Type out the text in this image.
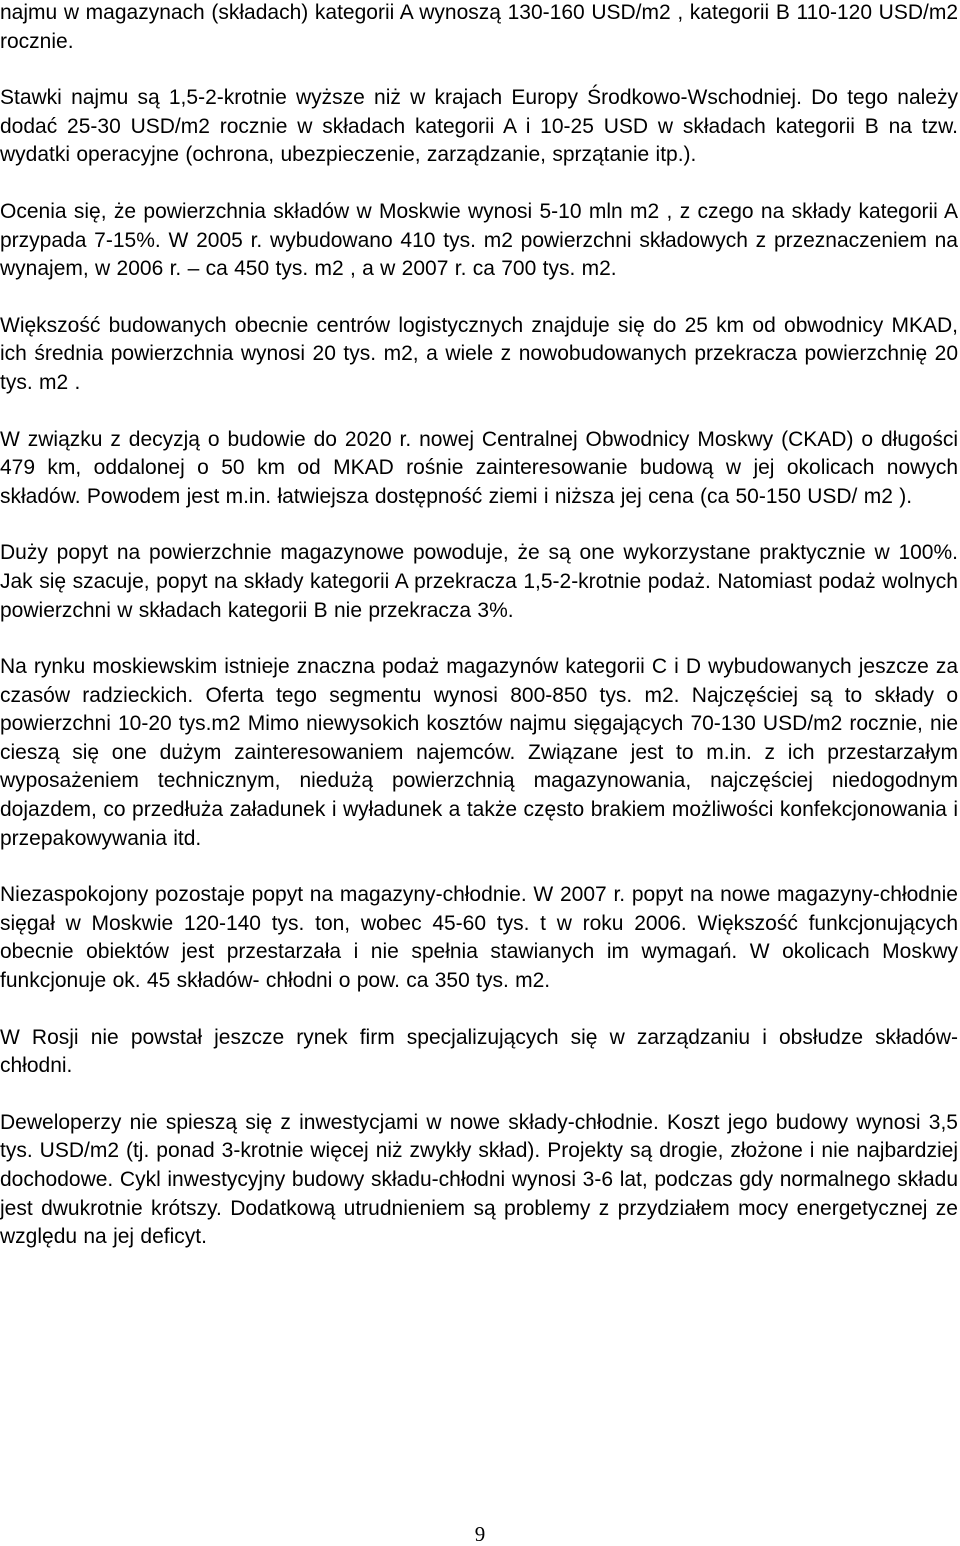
najmu w magazynach (składach) kategorii A wynoszą 130-160 USD/m2 , kategorii B 110-120 USD/m2 rocznie.

Stawki najmu są 1,5-2-krotnie wyższe niż w krajach Europy Środkowo-Wschodniej. Do tego należy dodać 25-30 USD/m2 rocznie w składach kategorii A i 10-25 USD w składach kategorii B na tzw. wydatki operacyjne (ochrona, ubezpieczenie, zarządzanie, sprzątanie itp.).

Ocenia się, że powierzchnia składów w Moskwie wynosi 5-10 mln m2 , z czego na składy kategorii A przypada 7-15%. W 2005 r. wybudowano 410 tys. m2 powierzchni składowych z przeznaczeniem na wynajem, w 2006 r. – ca 450 tys. m2 , a w 2007 r. ca 700 tys. m2.

Większość budowanych obecnie centrów logistycznych znajduje się do 25 km od obwodnicy MKAD, ich średnia powierzchnia wynosi 20 tys. m2, a wiele z nowobudowanych przekracza powierzchnię 20 tys. m2 .

W związku z decyzją o budowie do 2020 r. nowej Centralnej Obwodnicy Moskwy (CKAD) o długości 479 km, oddalonej o 50 km od MKAD rośnie zainteresowanie budową w jej okolicach nowych składów. Powodem jest m.in. łatwiejsza dostępność ziemi i niższa jej cena (ca 50-150 USD/ m2 ).

Duży popyt na powierzchnie magazynowe powoduje, że są one wykorzystane praktycznie w 100%. Jak się szacuje, popyt na składy kategorii A przekracza 1,5-2-krotnie podaż. Natomiast podaż wolnych powierzchni w składach kategorii B nie przekracza 3%.

Na rynku moskiewskim istnieje znaczna podaż magazynów kategorii C i D wybudowanych jeszcze za czasów radzieckich. Oferta tego segmentu wynosi 800-850 tys. m2. Najczęściej są to składy o powierzchni 10-20 tys.m2 Mimo niewysokich kosztów najmu sięgających 70-130 USD/m2 rocznie, nie cieszą się one dużym zainteresowaniem najemców. Związane jest to m.in. z ich przestarzałym wyposażeniem technicznym, niedużą powierzchnią magazynowania, najczęściej niedogodnym dojazdem, co przedłuża załadunek i wyładunek a także często brakiem możliwości konfekcjonowania i przepakowywania itd.

Niezaspokojony pozostaje popyt na magazyny-chłodnie. W 2007 r. popyt na nowe magazyny-chłodnie sięgał w Moskwie 120-140 tys. ton, wobec 45-60 tys. t w roku 2006. Większość funkcjonujących obecnie obiektów jest przestarzała i nie spełnia stawianych im wymagań. W okolicach Moskwy funkcjonuje ok. 45 składów- chłodni o pow. ca 350 tys. m2.

W Rosji nie powstał jeszcze rynek firm specjalizujących się w zarządzaniu i obsłudze składów- chłodni.

Deweloperzy nie spieszą się z inwestycjami w nowe składy-chłodnie. Koszt jego budowy wynosi 3,5 tys. USD/m2 (tj. ponad 3-krotnie więcej niż zwykły skład). Projekty są drogie, złożone i nie najbardziej dochodowe. Cykl inwestycyjny budowy składu-chłodni wynosi 3-6 lat, podczas gdy normalnego składu jest dwukrotnie krótszy. Dodatkową utrudnieniem są problemy z przydziałem mocy energetycznej ze względu na jej deficyt.

9
